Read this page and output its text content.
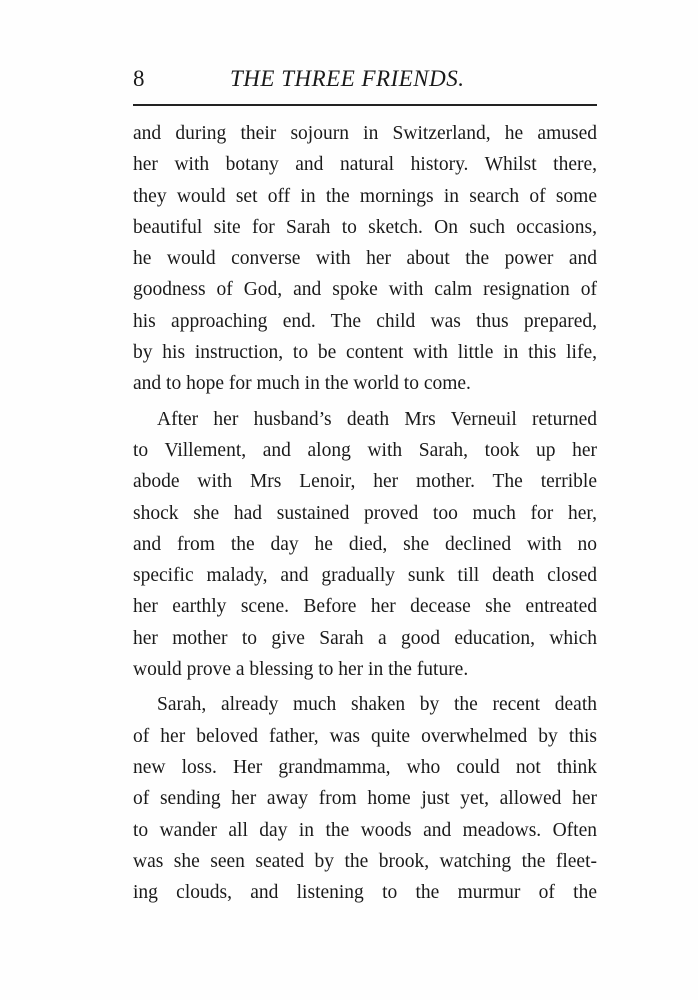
8	THE THREE FRIENDS.
and during their sojourn in Switzerland, he amused
her with botany and natural history. Whilst there,
they would set off in the mornings in search of some
beautiful site for Sarah to sketch. On such occasions,
he would converse with her about the power and
goodness of God, and spoke with calm resignation of
his approaching end. The child was thus prepared,
by his instruction, to be content with little in this life,
and to hope for much in the world to come.
After her husband’s death Mrs Verneuil returned
to Villement, and along with Sarah, took up her
abode with Mrs Lenoir, her mother. The terrible
shock she had sustained proved too much for her,
and from the day he died, she declined with no
specific malady, and gradually sunk till death closed
her earthly scene. Before her decease she entreated
her mother to give Sarah a good education, which
would prove a blessing to her in the future.
Sarah, already much shaken by the recent death
of her beloved father, was quite overwhelmed by this
new loss. Her grandmamma, who could not think
of sending her away from home just yet, allowed her
to wander all day in the woods and meadows. Often
was she seen seated by the brook, watching the fleet-
ing clouds, and listening to the murmur of the
